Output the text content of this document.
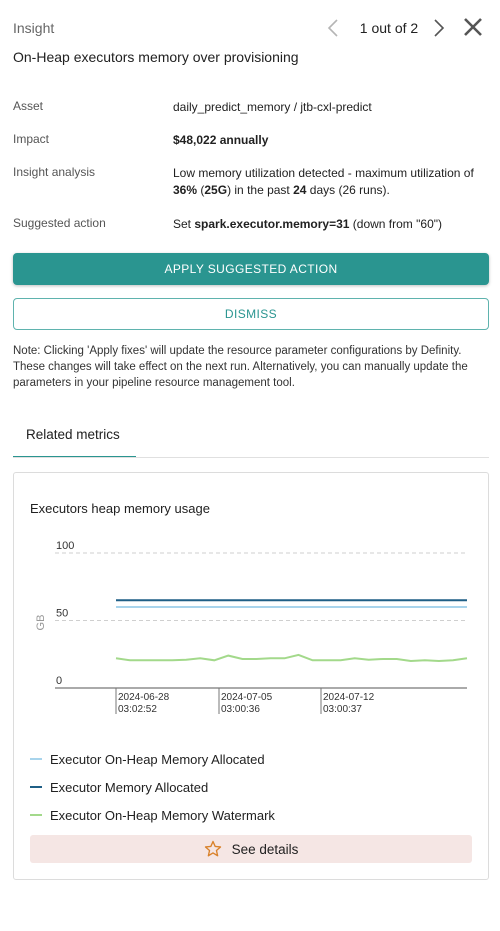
Insight	1 out of 2
On-Heap executors memory over provisioning
Asset	daily_predict_memory / jtb-cxl-predict
Impact	$48,022 annually
Insight analysis	Low memory utilization detected - maximum utilization of 36% (25G) in the past 24 days (26 runs).
Suggested action	Set spark.executor.memory=31 (down from "60")
APPLY SUGGESTED ACTION
DISMISS
Note: Clicking 'Apply fixes' will update the resource parameter configurations by Definity. These changes will take effect on the next run. Alternatively, you can manually update the parameters in your pipeline resource management tool.
Related metrics
Executors heap memory usage
100
50
0
GB
2024-06-28
03:02:52
2024-07-05
03:00:36
2024-07-12
03:00:37
Executor On-Heap Memory Allocated
Executor Memory Allocated
Executor On-Heap Memory Watermark
See details
